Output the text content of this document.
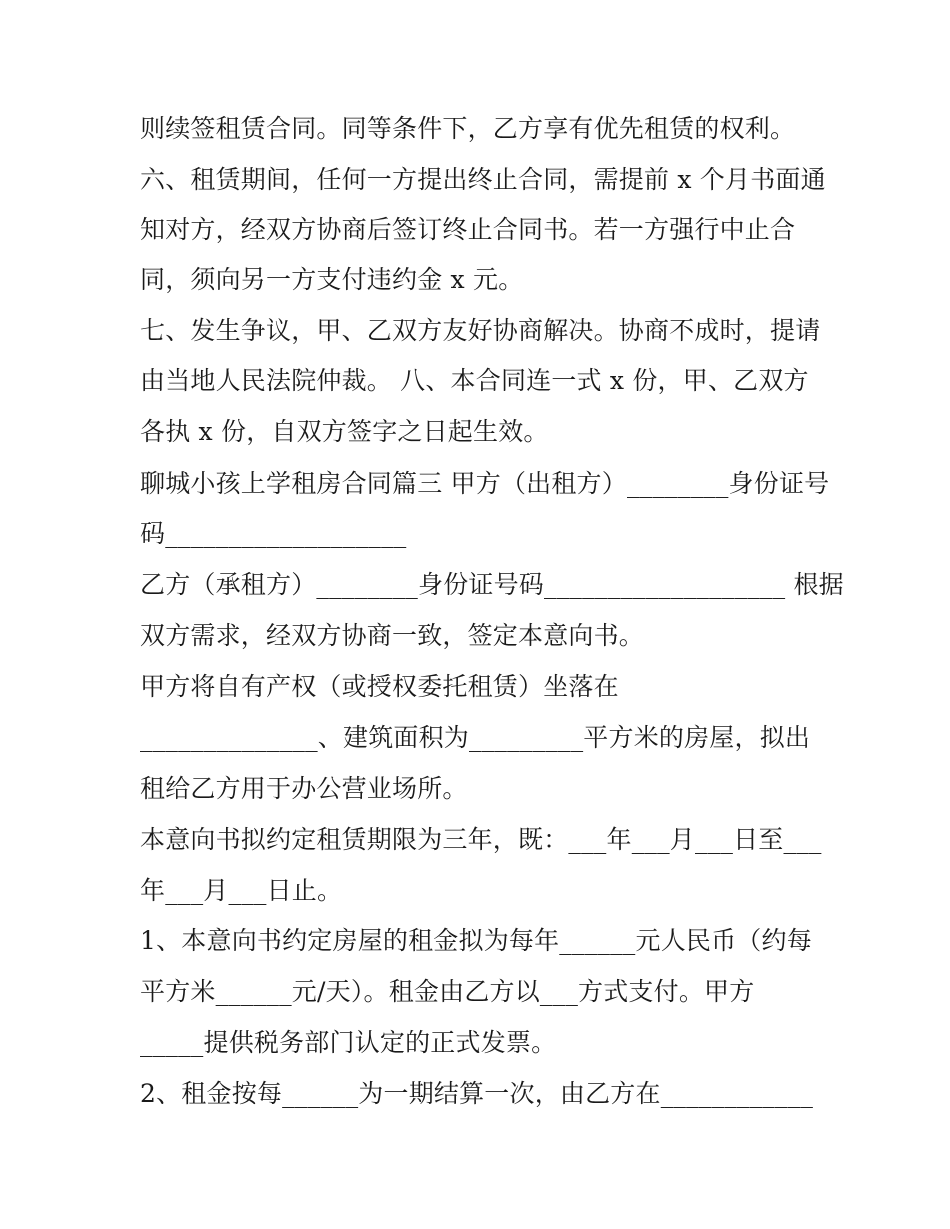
则续签租赁合同。同等条件下，乙方享有优先租赁的权利。
六、租赁期间，任何一方提出终止合同，需提前 x 个月书面通
知对方，经双方协商后签订终止合同书。若一方强行中止合
同，须向另一方支付违约金 x 元。
七、发生争议，甲、乙双方友好协商解决。协商不成时，提请
由当地人民法院仲裁。 八、本合同连一式 x 份，甲、乙双方
各执 x 份，自双方签字之日起生效。
聊城小孩上学租房合同篇三 甲方（出租方）________身份证号
码___________________
乙方（承租方）________身份证号码___________________ 根据
双方需求，经双方协商一致，签定本意向书。
甲方将自有产权（或授权委托租赁）坐落在
______________、建筑面积为_________平方米的房屋，拟出
租给乙方用于办公营业场所。
本意向书拟约定租赁期限为三年，既：___年___月___日至___
年___月___日止。
1、本意向书约定房屋的租金拟为每年______元人民币（约每
平方米______元/天）。租金由乙方以___方式支付。甲方
_____提供税务部门认定的正式发票。
2、租金按每______为一期结算一次，由乙方在____________
